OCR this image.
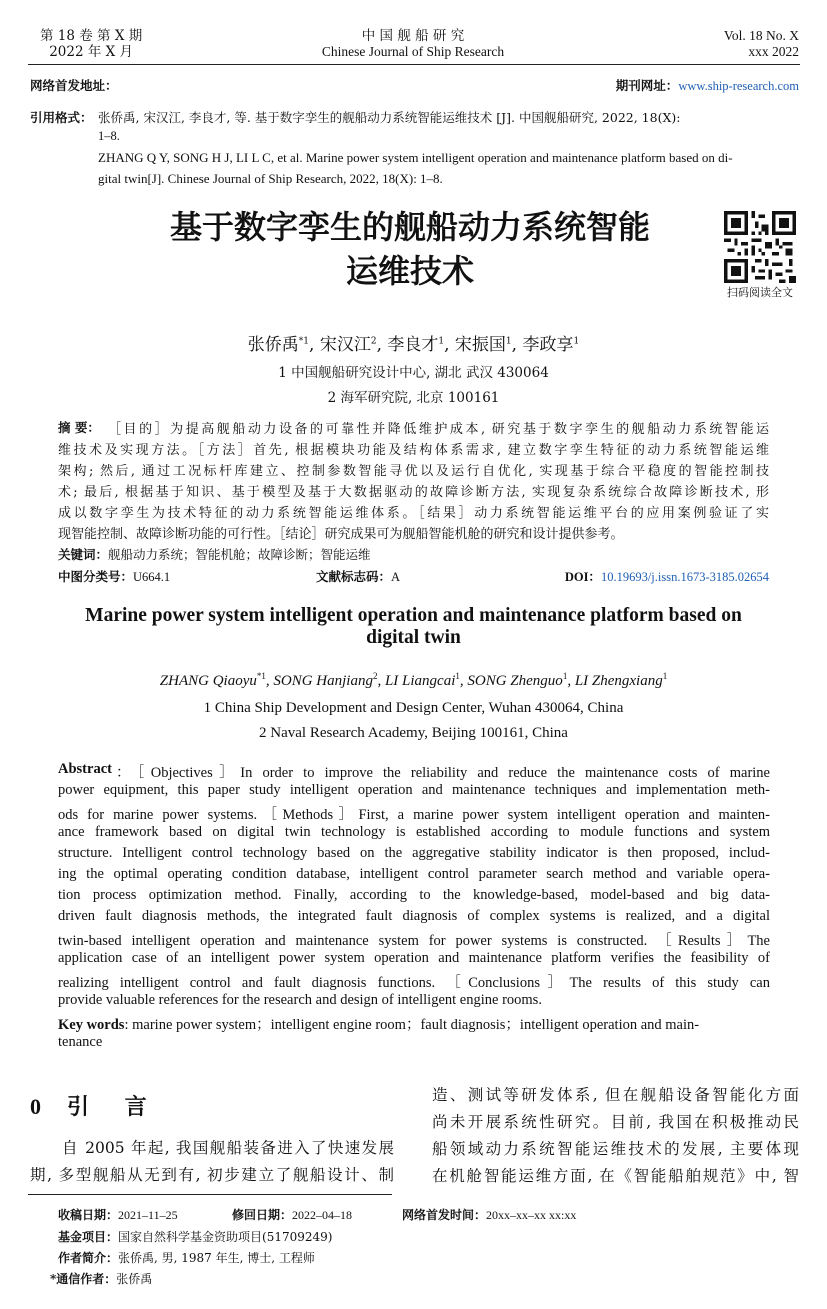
第 18 卷 第 X 期
2022 年 X 月
中 国 舰 船 研 究
Chinese Journal of Ship Research
Vol. 18 No. X
xxx 2022
网络首发地址：	期刊网址：www.ship-research.com
引用格式： 张侨禹, 宋汉江, 李良才, 等. 基于数字孪生的舰船动力系统智能运维技术 [J]. 中国舰船研究, 2022, 18(X):
1–8.
ZHANG Q Y, SONG H J, LI L C, et al. Marine power system intelligent operation and maintenance platform based on di-
gital twin[J]. Chinese Journal of Ship Research, 2022, 18(X): 1–8.
基于数字孪生的舰船动力系统智能
运维技术
扫码阅读全文
张侨禹$^{*1}$, 宋汉江$^2$, 李良才$^1$, 宋振国$^1$, 李政享$^1$
1 中国舰船研究设计中心, 湖北 武汉 430064
2 海军研究院, 北京 100161
摘 要： ［目的］为提高舰船动力设备的可靠性并降低维护成本, 研究基于数字孪生的舰船动力系统智能运
维技术及实现方法。［方法］首先, 根据模块功能及结构体系需求, 建立数字孪生特征的动力系统智能运维
架构; 然后, 通过工况标杆库建立、控制参数智能寻优以及运行自优化, 实现基于综合平稳度的智能控制技
术; 最后, 根据基于知识、基于模型及基于大数据驱动的故障诊断方法, 实现复杂系统综合故障诊断技术, 形
成以数字孪生为技术特征的动力系统智能运维体系。［结果］动力系统智能运维平台的应用案例验证了实
现智能控制、故障诊断功能的可行性。［结论］研究成果可为舰船智能机舱的研究和设计提供参考。
关键词：舰船动力系统；智能机舱；故障诊断；智能运维
中图分类号：U664.1	文献标志码：A	DOI：10.19693/j.issn.1673-3185.02654
Marine power system intelligent operation and maintenance platform based on
digital twin
ZHANG Qiaoyu$^{*1}$, SONG Hanjiang$^2$, LI Liangcai$^1$, SONG Zhenguo$^1$, LI Zhengxiang$^1$
1 China Ship Development and Design Center, Wuhan 430064, China
2 Naval Research Academy, Beijing 100161, China
Abstract ：［Objectives］In order to improve the reliability and reduce the maintenance costs of marine
power equipment, this paper study intelligent operation and maintenance techniques and implementation meth-
ods for marine power systems.［Methods］First, a marine power system intelligent operation and mainten-
ance framework based on digital twin technology is established according to module functions and system
structure. Intelligent control technology based on the aggregative stability indicator is then proposed, includ-
ing the optimal operating condition database, intelligent control parameter search method and variable opera-
tion process optimization method. Finally, according to the knowledge-based, model-based and big data-
driven fault diagnosis methods, the integrated fault diagnosis of complex systems is realized, and a digital
twin-based intelligent operation and maintenance system for power systems is constructed. ［Results］The
application case of an intelligent power system operation and maintenance platform verifies the feasibility of
realizing intelligent control and fault diagnosis functions. ［Conclusions］The results of this study can
provide valuable references for the research and design of intelligent engine rooms.
Key words: marine power system；intelligent engine room；fault diagnosis；intelligent operation and main-
tenance
0 引 言
自 2005 年起, 我国舰船装备进入了快速发展
期, 多型舰船从无到有, 初步建立了舰船设计、制
造、测试等研发体系, 但在舰船设备智能化方面
尚未开展系统性研究。目前, 我国在积极推动民
船领域动力系统智能运维技术的发展, 主要体现
在机舱智能运维方面, 在《智能船舶规范》中, 智
收稿日期：2021–11–25	修回日期：2022–04–18	网络首发时间：20xx–xx–xx xx:xx
基金项目：国家自然科学基金资助项目(51709249)
作者简介：张侨禹, 男, 1987 年生, 博士, 工程师
*通信作者：张侨禹
